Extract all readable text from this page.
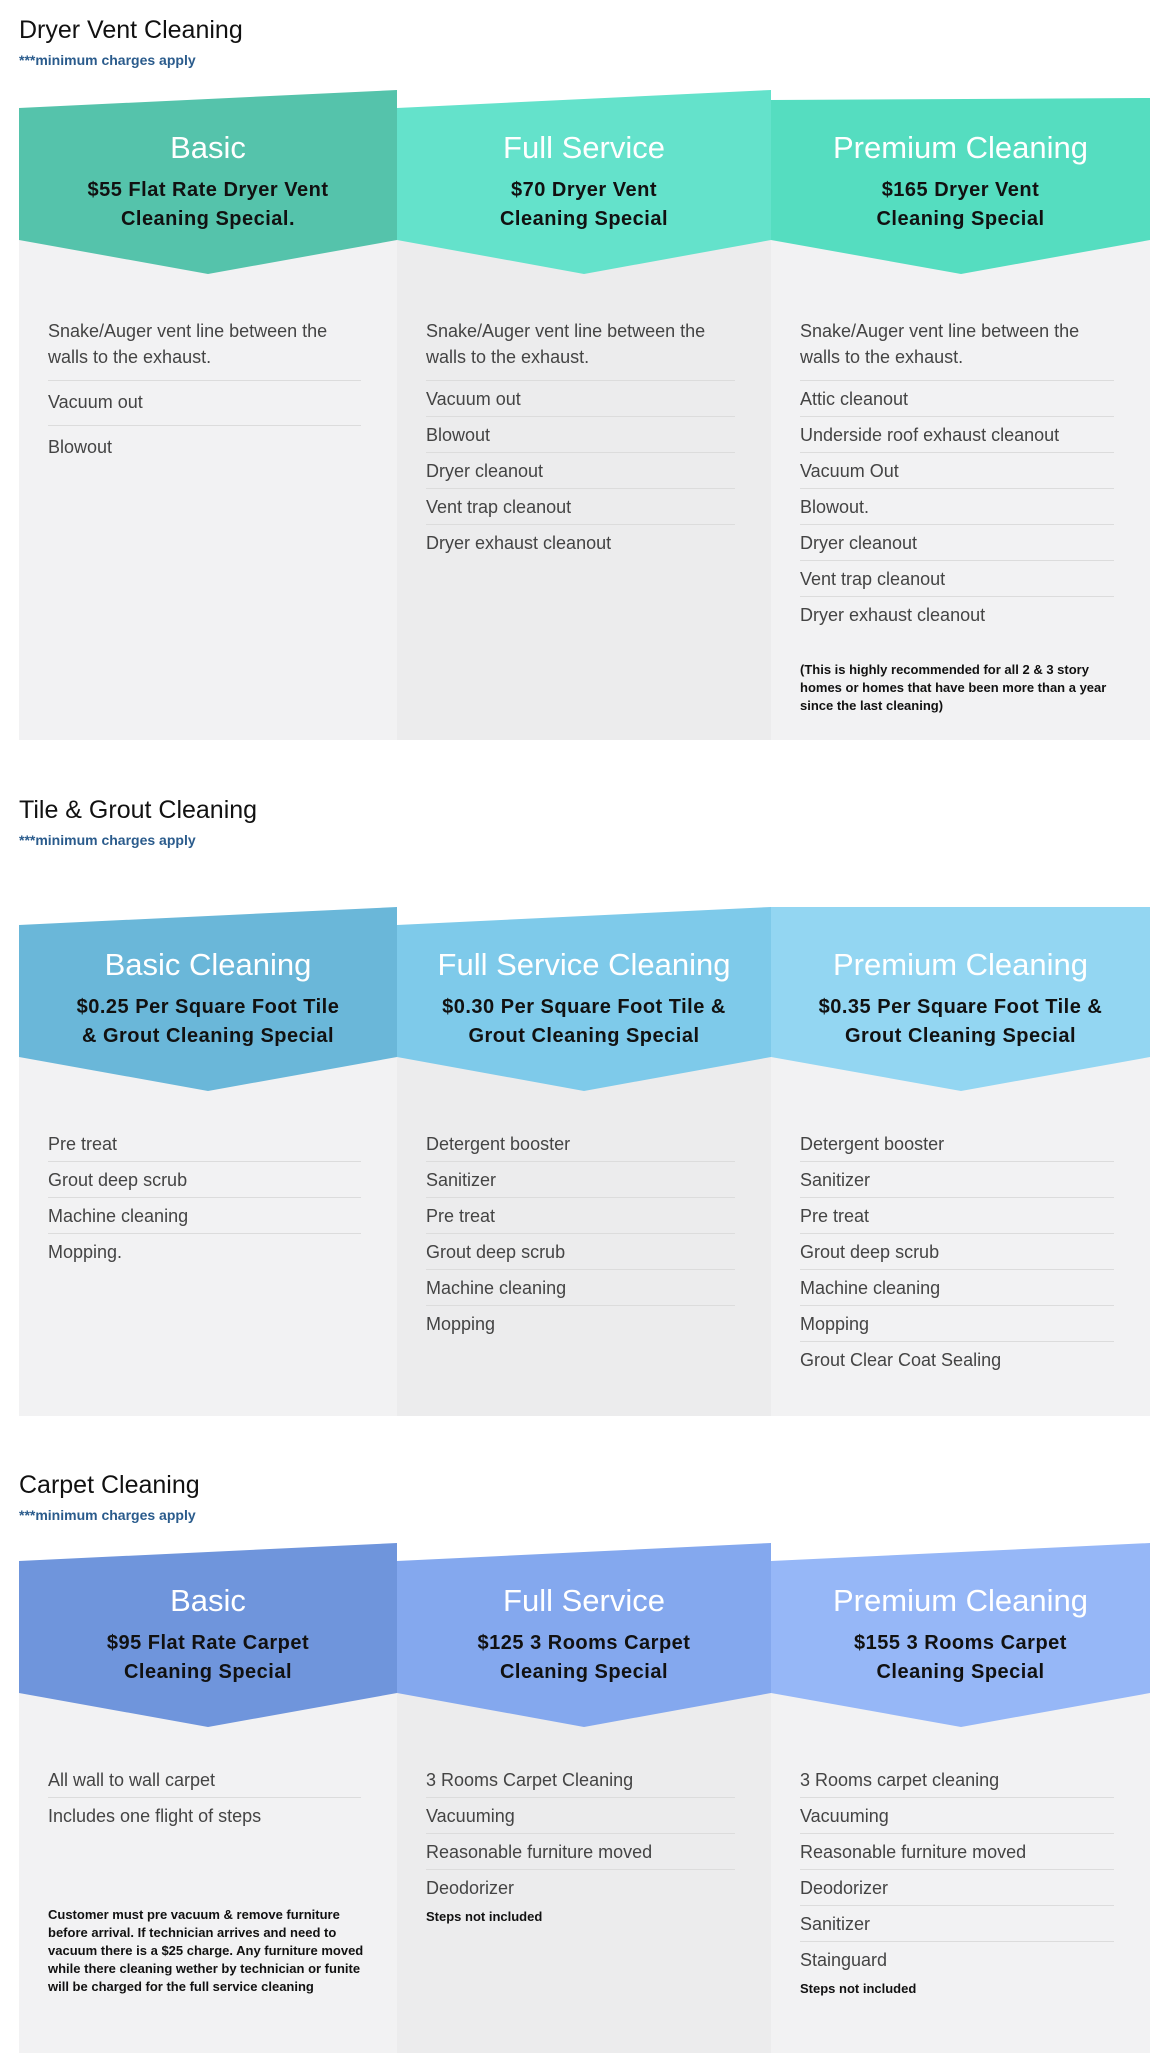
Dryer Vent Cleaning
***minimum charges apply
Basic
$55 Flat Rate Dryer Vent Cleaning Special.
Snake/Auger vent line between the walls to the exhaust.
Vacuum out
Blowout
Full Service
$70 Dryer Vent Cleaning Special
Snake/Auger vent line between the walls to the exhaust.
Vacuum out
Blowout
Dryer cleanout
Vent trap cleanout
Dryer exhaust cleanout
Premium Cleaning
$165 Dryer Vent Cleaning Special
Snake/Auger vent line between the walls to the exhaust.
Attic cleanout
Underside roof exhaust cleanout
Vacuum Out
Blowout.
Dryer cleanout
Vent trap cleanout
Dryer exhaust cleanout
(This is highly recommended for all 2 & 3 story homes or homes that have been more than a year since the last cleaning)
Tile & Grout Cleaning
***minimum charges apply
Basic Cleaning
$0.25 Per Square Foot Tile & Grout Cleaning Special
Pre treat
Grout deep scrub
Machine cleaning
Mopping.
Full Service Cleaning
$0.30 Per Square Foot Tile & Grout Cleaning Special
Detergent booster
Sanitizer
Pre treat
Grout deep scrub
Machine cleaning
Mopping
Premium Cleaning
$0.35 Per Square Foot Tile & Grout Cleaning Special
Detergent booster
Sanitizer
Pre treat
Grout deep scrub
Machine cleaning
Mopping
Grout Clear Coat Sealing
Carpet Cleaning
***minimum charges apply
Basic
$95 Flat Rate Carpet Cleaning Special
All wall to wall carpet
Includes one flight of steps
Customer must pre vacuum & remove furniture before arrival. If technician arrives and need to vacuum there is a $25 charge. Any furniture moved while there cleaning wether by technician or funite will be charged for the full service cleaning
Full Service
$125 3 Rooms Carpet Cleaning Special
3 Rooms Carpet Cleaning
Vacuuming
Reasonable furniture moved
Deodorizer
Steps not included
Premium Cleaning
$155 3 Rooms Carpet Cleaning Special
3 Rooms carpet cleaning
Vacuuming
Reasonable furniture moved
Deodorizer
Sanitizer
Stainguard
Steps not included
